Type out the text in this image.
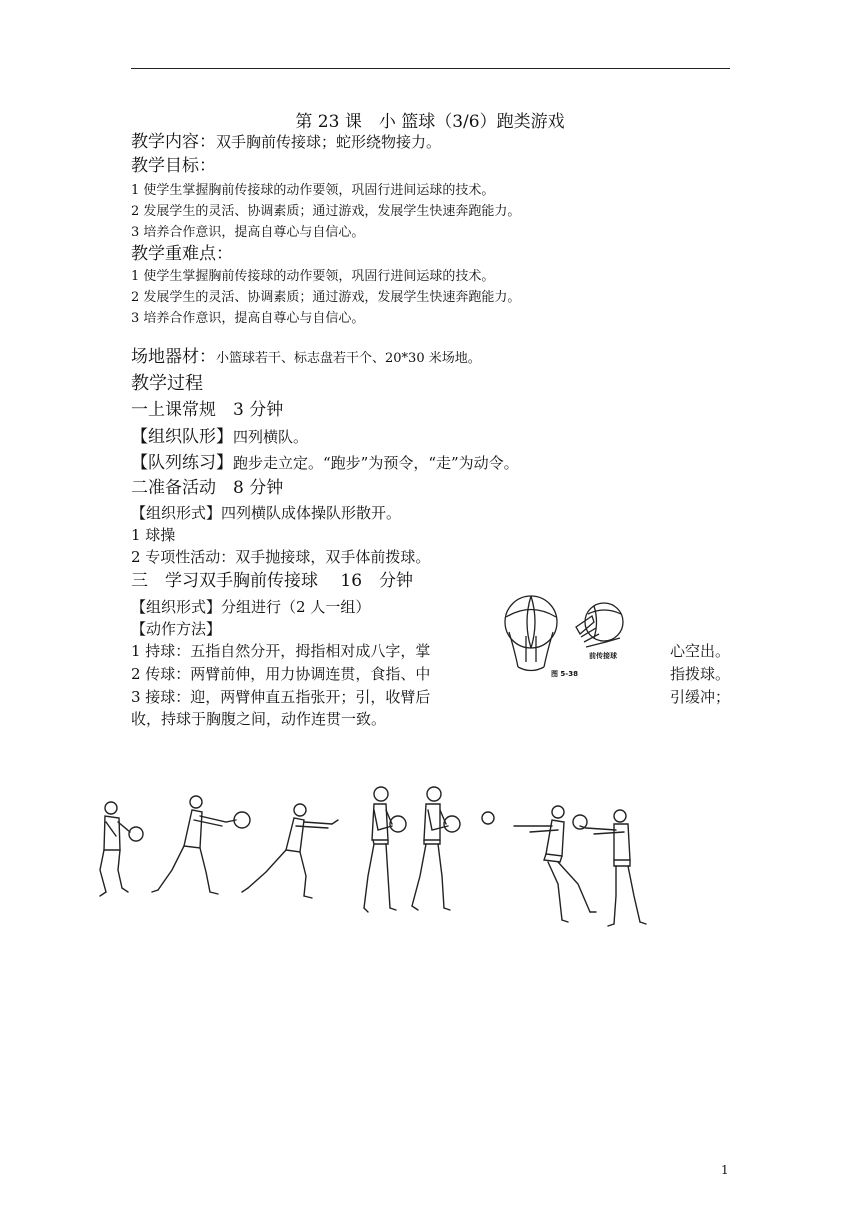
第 23 课　小 篮球（3/6）跑类游戏
教学内容：双手胸前传接球；蛇形绕物接力。
教学目标：
1 使学生掌握胸前传接球的动作要领，巩固行进间运球的技术。
2 发展学生的灵活、协调素质；通过游戏，发展学生快速奔跑能力。
3 培养合作意识，提高自尊心与自信心。
教学重难点：
1 使学生掌握胸前传接球的动作要领，巩固行进间运球的技术。
2 发展学生的灵活、协调素质；通过游戏，发展学生快速奔跑能力。
3 培养合作意识，提高自尊心与自信心。
场地器材：小篮球若干、标志盘若干个、20*30 米场地。
教学过程
一上课常规　3 分钟
【组织队形】四列横队。
【队列练习】跑步走立定。“跑步”为预令，“走”为动令。
二准备活动　8 分钟
【组织形式】四列横队成体操队形散开。
1 球操
2 专项性活动：双手抛接球，双手体前拨球。
三　学习双手胸前传接球　 16　分钟
【组织形式】分组进行（2 人一组）
【动作方法】
1 持球：五指自然分开，拇指相对成八字，掌	心空出。
2 传球：两臂前伸，用力协调连贯，食指、中	指拨球。
3 接球：迎，两臂伸直五指张开；引，收臂后	引缓冲；
收，持球于胸腹之间，动作连贯一致。
前传接球
图 5-38
1
